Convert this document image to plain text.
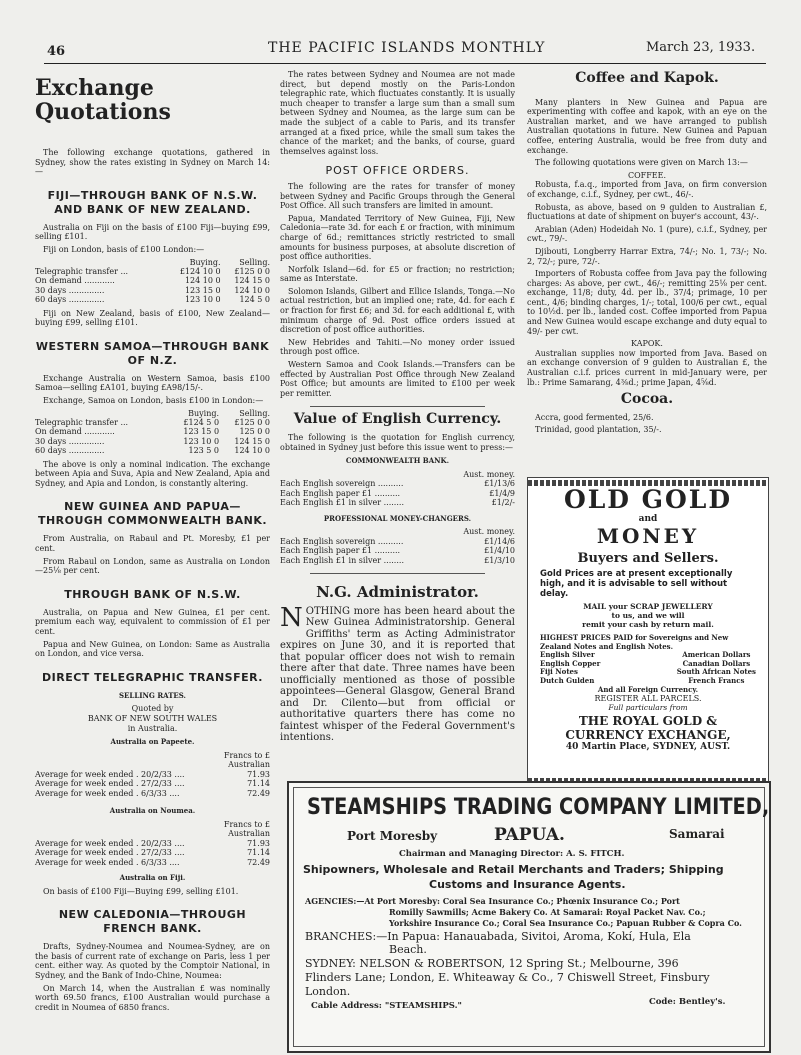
46	THE PACIFIC ISLANDS MONTHLY	March 23, 1933.
Exchange Quotations

The following exchange quotations, gathered in Sydney, show the rates existing in Sydney on March 14:—

FIJI—THROUGH BANK OF N.S.W. AND BANK OF NEW ZEALAND.

Australia on Fiji on the basis of £100 Fiji—buying £99, selling £101.

Fiji on London, basis of £100 London:—

	Buying.	Selling.
Telegraphic transfer ...	£124 10 0	£125 0 0
On demand ............	124 10 0	124 15 0
30 days ..............	123 15 0	124 10 0
60 days ..............	123 10 0	124 5 0

Fiji on New Zealand, basis of £100, New Zealand—buying £99, selling £101.

WESTERN SAMOA—THROUGH BANK OF N.Z.

Exchange Australia on Western Samoa, basis £100 Samoa—selling £A101, buying £A98/15/-.

Exchange, Samoa on London, basis £100 in London:—

	Buying.	Selling.
Telegraphic transfer ...	£124 5 0	£125 0 0
On demand ............	123 15 0	125 0 0
30 days ..............	123 10 0	124 15 0
60 days ..............	123 5 0	124 10 0

The above is only a nominal indication. The exchange between Apia and Suva, Apia and New Zealand, Apia and Sydney, and Apia and London, is constantly altering.

NEW GUINEA AND PAPUA—THROUGH COMMONWEALTH BANK.

From Australia, on Rabaul and Pt. Moresby, £1 per cent.

From Rabaul on London, same as Australia on London—25⅛ per cent.

THROUGH BANK OF N.S.W.

Australia, on Papua and New Guinea, £1 per cent. premium each way, equivalent to commission of £1 per cent.

Papua and New Guinea, on London: Same as Australia on London, and vice versa.

DIRECT TELEGRAPHIC TRANSFER.
SELLING RATES.
Quoted by
BANK OF NEW SOUTH WALES
in Australia.
Australia on Papeete.
Francs to £
Australian
Average for week ended . 20/2/33 ....	71.93
Average for week ended . 27/2/33 ....	71.14
Average for week ended . 6/3/33 ....	72.49
Australia on Noumea.
Francs to £
Australian
Average for week ended . 20/2/33 ....	71.93
Average for week ended . 27/2/33 ....	71.14
Average for week ended . 6/3/33 ....	72.49
Australia on Fiji.

On basis of £100 Fiji—Buying £99, selling £101.

NEW CALEDONIA—THROUGH FRENCH BANK.

Drafts, Sydney-Noumea and Noumea-Sydney, are on the basis of current rate of exchange on Paris, less 1 per cent. either way. As quoted by the Comptoir National, in Sydney, and the Bank of Indo-Chine, Noumea:

On March 14, when the Australian £ was nominally worth 69.50 francs, £100 Australian would purchase a credit in Noumea of 6850 francs.

The rates between Sydney and Noumea are not made direct, but depend mostly on the Paris-London telegraphic rate, which fluctuates constantly. It is usually much cheaper to transfer a large sum than a small sum between Sydney and Noumea, as the large sum can be made the subject of a cable to Paris, and its transfer arranged at a fixed price, while the small sum takes the chance of the market; and the banks, of course, guard themselves against loss.

POST OFFICE ORDERS.

The following are the rates for transfer of money between Sydney and Pacific Groups through the General Post Office. All such transfers are limited in amount.

Papua, Mandated Territory of New Guinea, Fiji, New Caledonia—rate 3d. for each £ or fraction, with minimum charge of 6d.; remittances strictly restricted to small amounts for business purposes, at absolute discretion of post office authorities.

Norfolk Island—6d. for £5 or fraction; no restriction; same as Interstate.

Solomon Islands, Gilbert and Ellice Islands, Tonga.—No actual restriction, but an implied one; rate, 4d. for each £ or fraction for first £6; and 3d. for each additional £, with minimum charge of 9d. Post office orders issued at discretion of post office authorities.

New Hebrides and Tahiti.—No money order issued through post office.

Western Samoa and Cook Islands.—Transfers can be effected by Australian Post Office through New Zealand Post Office; but amounts are limited to £100 per week per remitter.

Value of English Currency.

The following is the quotation for English currency, obtained in Sydney just before this issue went to press:—

COMMONWEALTH BANK.
Aust. money.
Each English sovereign ..........	£1/13/6
Each English paper £1 ..........	£1/4/9
Each English £1 in silver ........	£1/2/-
PROFESSIONAL MONEY-CHANGERS.
Aust. money.
Each English sovereign ..........	£1/14/6
Each English paper £1 ..........	£1/4/10
Each English £1 in silver ........	£1/3/10
N.G. Administrator.
NOTHING more has been heard about the New Guinea Administratorship. General Griffiths' term as Acting Administrator expires on June 30, and it is reported that that popular officer does not wish to remain there after that date. Three names have been unofficially mentioned as those of possible appointees—General Glasgow, General Brand and Dr. Cilento—but from official or authoritative quarters there has come no faintest whisper of the Federal Government's intentions.
Coffee and Kapok.

Many planters in New Guinea and Papua are experimenting with coffee and kapok, with an eye on the Australian market, and we have arranged to publish Australian quotations in future. New Guinea and Papuan coffee, entering Australia, would be free from duty and exchange.

The following quotations were given on March 13:—

COFFEE.

Robusta, f.a.q., imported from Java, on firm conversion of exchange, c.i.f., Sydney, per cwt., 46/-.

Robusta, as above, based on 9 gulden to Australian £, fluctuations at date of shipment on buyer's account, 43/-.

Arabian (Aden) Hodeidah No. 1 (pure), c.i.f., Sydney, per cwt., 79/-.

Djibouti, Longberry Harrar Extra, 74/-; No. 1, 73/-; No. 2, 72/-; pure, 72/-.

Importers of Robusta coffee from Java pay the following charges: As above, per cwt., 46/-; remitting 25⅛ per cent. exchange, 11/8; duty, 4d. per lb., 37/4; primage, 10 per cent., 4/6; binding charges, 1/-; total, 100/6 per cwt., equal to 10½d. per lb., landed cost. Coffee imported from Papua and New Guinea would escape exchange and duty equal to 49/- per cwt.

KAPOK.

Australian supplies now imported from Java. Based on an exchange conversion of 9 gulden to Australian £, the Australian c.i.f. prices current in mid-January were, per lb.: Prime Samarang, 4⅜d.; prime Japan, 4⅝d.

Cocoa.

Accra, good fermented, 25/6.

Trinidad, good plantation, 35/-.

OLD GOLD
and
MONEY
Buyers and Sellers.
Gold Prices are at present exceptionally high, and it is advisable to sell without delay.
MAIL your SCRAP JEWELLERY
to us, and we will
remit your cash by return mail.
HIGHEST PRICES PAID for Sovereigns and New Zealand Notes and English Notes.
English Silver
English Copper
Fiji Notes
Dutch Gulden
American Dollars
Canadian Dollars
South African Notes
French Francs
And all Foreign Currency.
REGISTER ALL PARCELS.
Full particulars from
THE ROYAL GOLD &
CURRENCY EXCHANGE,
40 Martin Place, SYDNEY, AUST.
STEAMSHIPS TRADING COMPANY LIMITED,
Port Moresby	PAPUA.	Samarai
Chairman and Managing Director: A. S. FITCH.
Shipowners, Wholesale and Retail Merchants and Traders; Shipping
Customs and Insurance Agents.
AGENCIES:—At Port Moresby: Coral Sea Insurance Co.; Phœnix Insurance Co.; Port
Romilly Sawmills; Acme Bakery Co. At Samarai: Royal Packet Nav. Co.;
Yorkshire Insurance Co.; Coral Sea Insurance Co.; Papuan Rubber & Copra Co.
BRANCHES:—In Papua: Hanauabada, Sivitoi, Aroma, Kokí, Hula, Ela
Beach.
SYDNEY: NELSON & ROBERTSON, 12 Spring St.; Melbourne, 396
Flinders Lane; London, E. Whiteaway & Co., 7 Chiswell Street, Finsbury
London.
Cable Address: "STEAMSHIPS."	Code: Bentley's.
